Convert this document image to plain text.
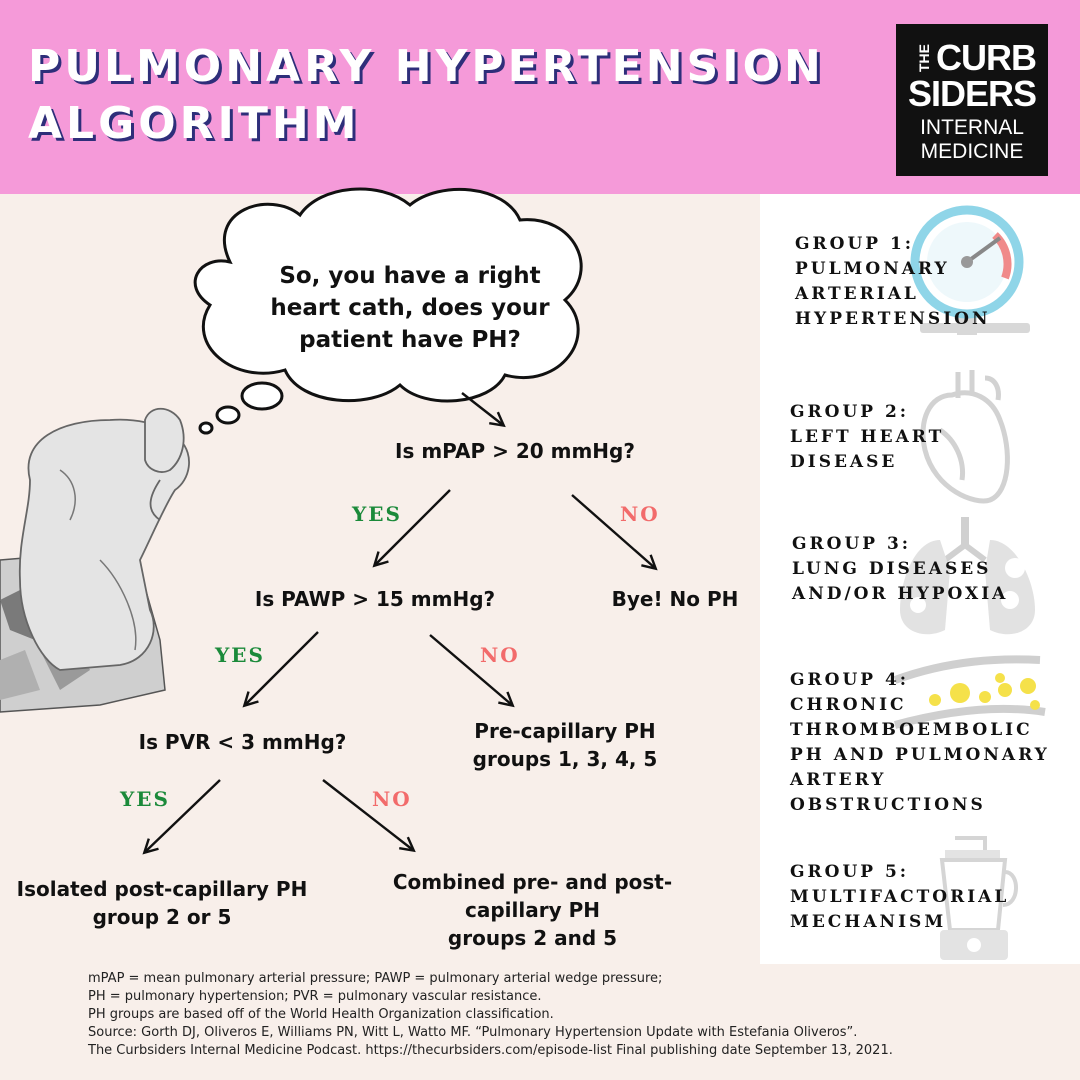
PULMONARY HYPERTENSION
ALGORITHM
THE CURB
SIDERS
INTERNAL
MEDICINE
So, you have a right
heart cath, does your
patient have PH?
Is mPAP > 20 mmHg?
YES	NO
Is PAWP > 15 mmHg?	Bye! No PH
YES	NO
Is PVR < 3 mmHg?	Pre-capillary PH
groups 1, 3, 4, 5
YES	NO
Isolated post-capillary PH
group 2 or 5
Combined pre- and post-
capillary PH
groups 2 and 5
GROUP 1:
PULMONARY
ARTERIAL
HYPERTENSION
GROUP 2:
LEFT HEART
DISEASE
GROUP 3:
LUNG DISEASES
AND/OR HYPOXIA
GROUP 4:
CHRONIC
THROMBOEMBOLIC
PH AND PULMONARY
ARTERY
OBSTRUCTIONS
GROUP 5:
MULTIFACTORIAL
MECHANISM
mPAP = mean pulmonary arterial pressure; PAWP = pulmonary arterial wedge pressure;
PH = pulmonary hypertension; PVR = pulmonary vascular resistance.
PH groups are based off of the World Health Organization classification.
Source: Gorth DJ, Oliveros E, Williams PN, Witt L, Watto MF. “Pulmonary Hypertension Update with Estefania Oliveros”.
The Curbsiders Internal Medicine Podcast. https://thecurbsiders.com/episode-list Final publishing date September 13, 2021.
